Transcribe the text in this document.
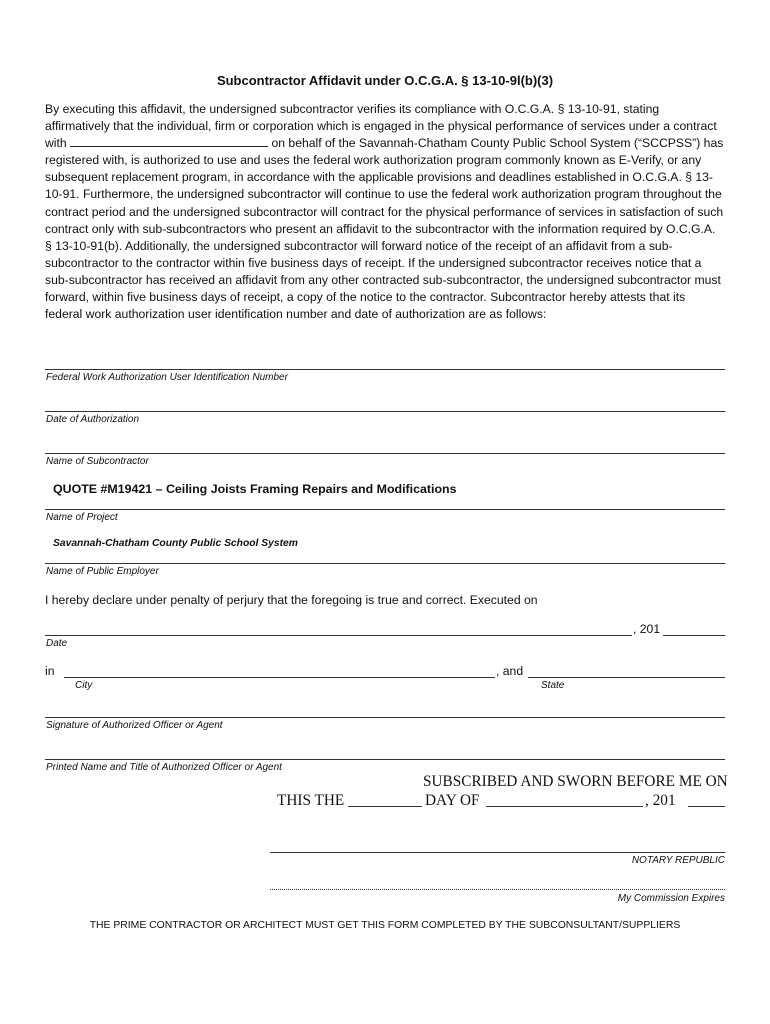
Subcontractor Affidavit under O.C.G.A. § 13-10-9l(b)(3)
By executing this affidavit, the undersigned subcontractor verifies its compliance with O.C.G.A. § 13-10-91, stating affirmatively that the individual, firm or corporation which is engaged in the physical performance of services under a contract with	on behalf of the Savannah-Chatham County Public School System (“SCCPSS”) has registered with, is authorized to use and uses the federal work authorization program commonly known as E-Verify, or any subsequent replacement program, in accordance with the applicable provisions and deadlines established in O.C.G.A. § 13-10-91. Furthermore, the undersigned subcontractor will continue to use the federal work authorization program throughout the contract period and the undersigned subcontractor will contract for the physical performance of services in satisfaction of such contract only with sub-subcontractors who present an affidavit to the subcontractor with the information required by O.C.G.A. § 13-10-91(b). Additionally, the undersigned subcontractor will forward notice of the receipt of an affidavit from a sub-subcontractor to the contractor within five business days of receipt. If the undersigned subcontractor receives notice that a sub-subcontractor has received an affidavit from any other contracted sub-subcontractor, the undersigned subcontractor must forward, within five business days of receipt, a copy of the notice to the contractor. Subcontractor hereby attests that its federal work authorization user identification number and date of authorization are as follows:
Federal Work Authorization User Identification Number
Date of Authorization
Name of Subcontractor
QUOTE #M19421 – Ceiling Joists Framing Repairs and Modifications
Name of Project
Savannah-Chatham County Public School System
Name of Public Employer
I hereby declare under penalty of perjury that the foregoing is true and correct. Executed on
, 201
Date
in	, and
City	State
Signature of Authorized Officer or Agent
Printed Name and Title of Authorized Officer or Agent
SUBSCRIBED AND SWORN BEFORE ME ON
THIS THE	DAY OF	, 201
NOTARY REPUBLIC
My Commission Expires
THE PRIME CONTRACTOR OR ARCHITECT MUST GET THIS FORM COMPLETED BY THE SUBCONSULTANT/SUPPLIERS
